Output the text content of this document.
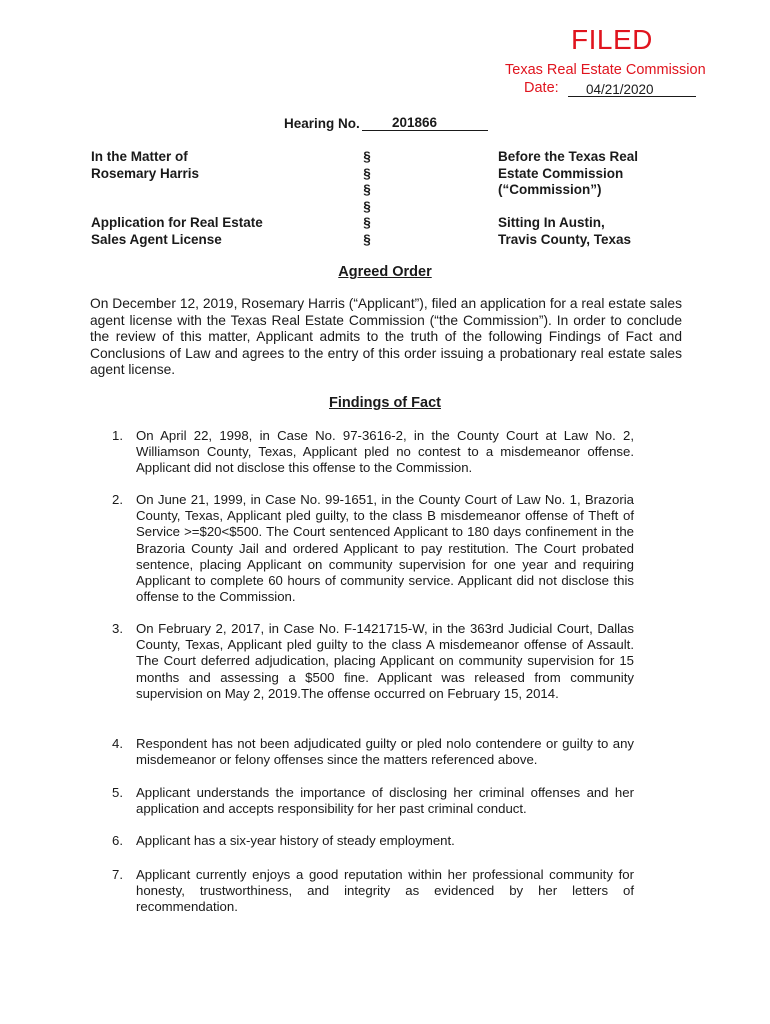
FILED
Texas Real Estate Commission
Date: 04/21/2020
Hearing No. 201866
In the Matter of
Rosemary Harris
Application for Real Estate
Sales Agent License
§
§
§
§
§
§
Before the Texas Real
Estate Commission
(“Commission”)
Sitting In Austin,
Travis County, Texas
Agreed Order
On December 12, 2019, Rosemary Harris (“Applicant”), filed an application for a real estate sales agent license with the Texas Real Estate Commission (“the Commission”). In order to conclude the review of this matter, Applicant admits to the truth of the following Findings of Fact and Conclusions of Law and agrees to the entry of this order issuing a probationary real estate sales agent license.
Findings of Fact
1. On April 22, 1998, in Case No. 97-3616-2, in the County Court at Law No. 2, Williamson County, Texas, Applicant pled no contest to a misdemeanor offense. Applicant did not disclose this offense to the Commission.
2. On June 21, 1999, in Case No. 99-1651, in the County Court of Law No. 1, Brazoria County, Texas, Applicant pled guilty, to the class B misdemeanor offense of Theft of Service >=$20<$500. The Court sentenced Applicant to 180 days confinement in the Brazoria County Jail and ordered Applicant to pay restitution. The Court probated sentence, placing Applicant on community supervision for one year and requiring Applicant to complete 60 hours of community service. Applicant did not disclose this offense to the Commission.
3. On February 2, 2017, in Case No. F-1421715-W, in the 363rd Judicial Court, Dallas County, Texas, Applicant pled guilty to the class A misdemeanor offense of Assault. The Court deferred adjudication, placing Applicant on community supervision for 15 months and assessing a $500 fine. Applicant was released from community supervision on May 2, 2019.The offense occurred on February 15, 2014.
4. Respondent has not been adjudicated guilty or pled nolo contendere or guilty to any misdemeanor or felony offenses since the matters referenced above.
5. Applicant understands the importance of disclosing her criminal offenses and her application and accepts responsibility for her past criminal conduct.
6. Applicant has a six-year history of steady employment.
7. Applicant currently enjoys a good reputation within her professional community for honesty, trustworthiness, and integrity as evidenced by her letters of recommendation.
